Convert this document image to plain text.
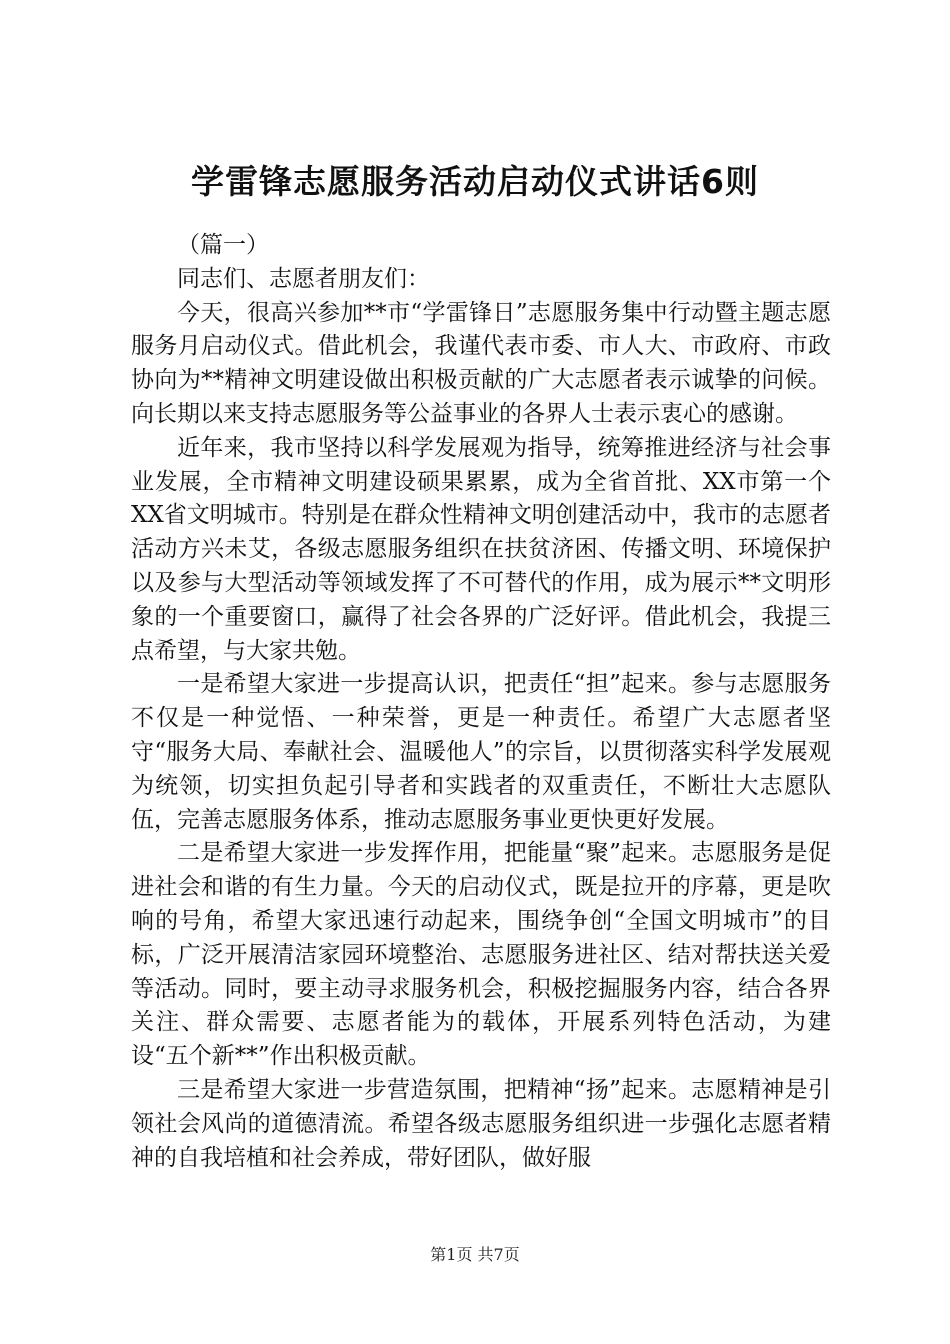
学雷锋志愿服务活动启动仪式讲话6则

（篇一）

同志们、志愿者朋友们：

今天，很高兴参加**市“学雷锋日”志愿服务集中行动暨主题志愿服务月启动仪式。借此机会，我谨代表市委、市人大、市政府、市政协向为**精神文明建设做出积极贡献的广大志愿者表示诚挚的问候。向长期以来支持志愿服务等公益事业的各界人士表示衷心的感谢。

近年来，我市坚持以科学发展观为指导，统筹推进经济与社会事业发展，全市精神文明建设硕果累累，成为全省首批、XX市第一个XX省文明城市。特别是在群众性精神文明创建活动中，我市的志愿者活动方兴未艾，各级志愿服务组织在扶贫济困、传播文明、环境保护以及参与大型活动等领域发挥了不可替代的作用，成为展示**文明形象的一个重要窗口，赢得了社会各界的广泛好评。借此机会，我提三点希望，与大家共勉。

一是希望大家进一步提高认识，把责任“担”起来。参与志愿服务不仅是一种觉悟、一种荣誉，更是一种责任。希望广大志愿者坚守“服务大局、奉献社会、温暖他人”的宗旨，以贯彻落实科学发展观为统领，切实担负起引导者和实践者的双重责任，不断壮大志愿队伍，完善志愿服务体系，推动志愿服务事业更快更好发展。

二是希望大家进一步发挥作用，把能量“聚”起来。志愿服务是促进社会和谐的有生力量。今天的启动仪式，既是拉开的序幕，更是吹响的号角，希望大家迅速行动起来，围绕争创“全国文明城市”的目标，广泛开展清洁家园环境整治、志愿服务进社区、结对帮扶送关爱等活动。同时，要主动寻求服务机会，积极挖掘服务内容，结合各界关注、群众需要、志愿者能为的载体，开展系列特色活动，为建设“五个新**”作出积极贡献。

三是希望大家进一步营造氛围，把精神“扬”起来。志愿精神是引领社会风尚的道德清流。希望各级志愿服务组织进一步强化志愿者精神的自我培植和社会养成，带好团队，做好服

第1页 共7页
